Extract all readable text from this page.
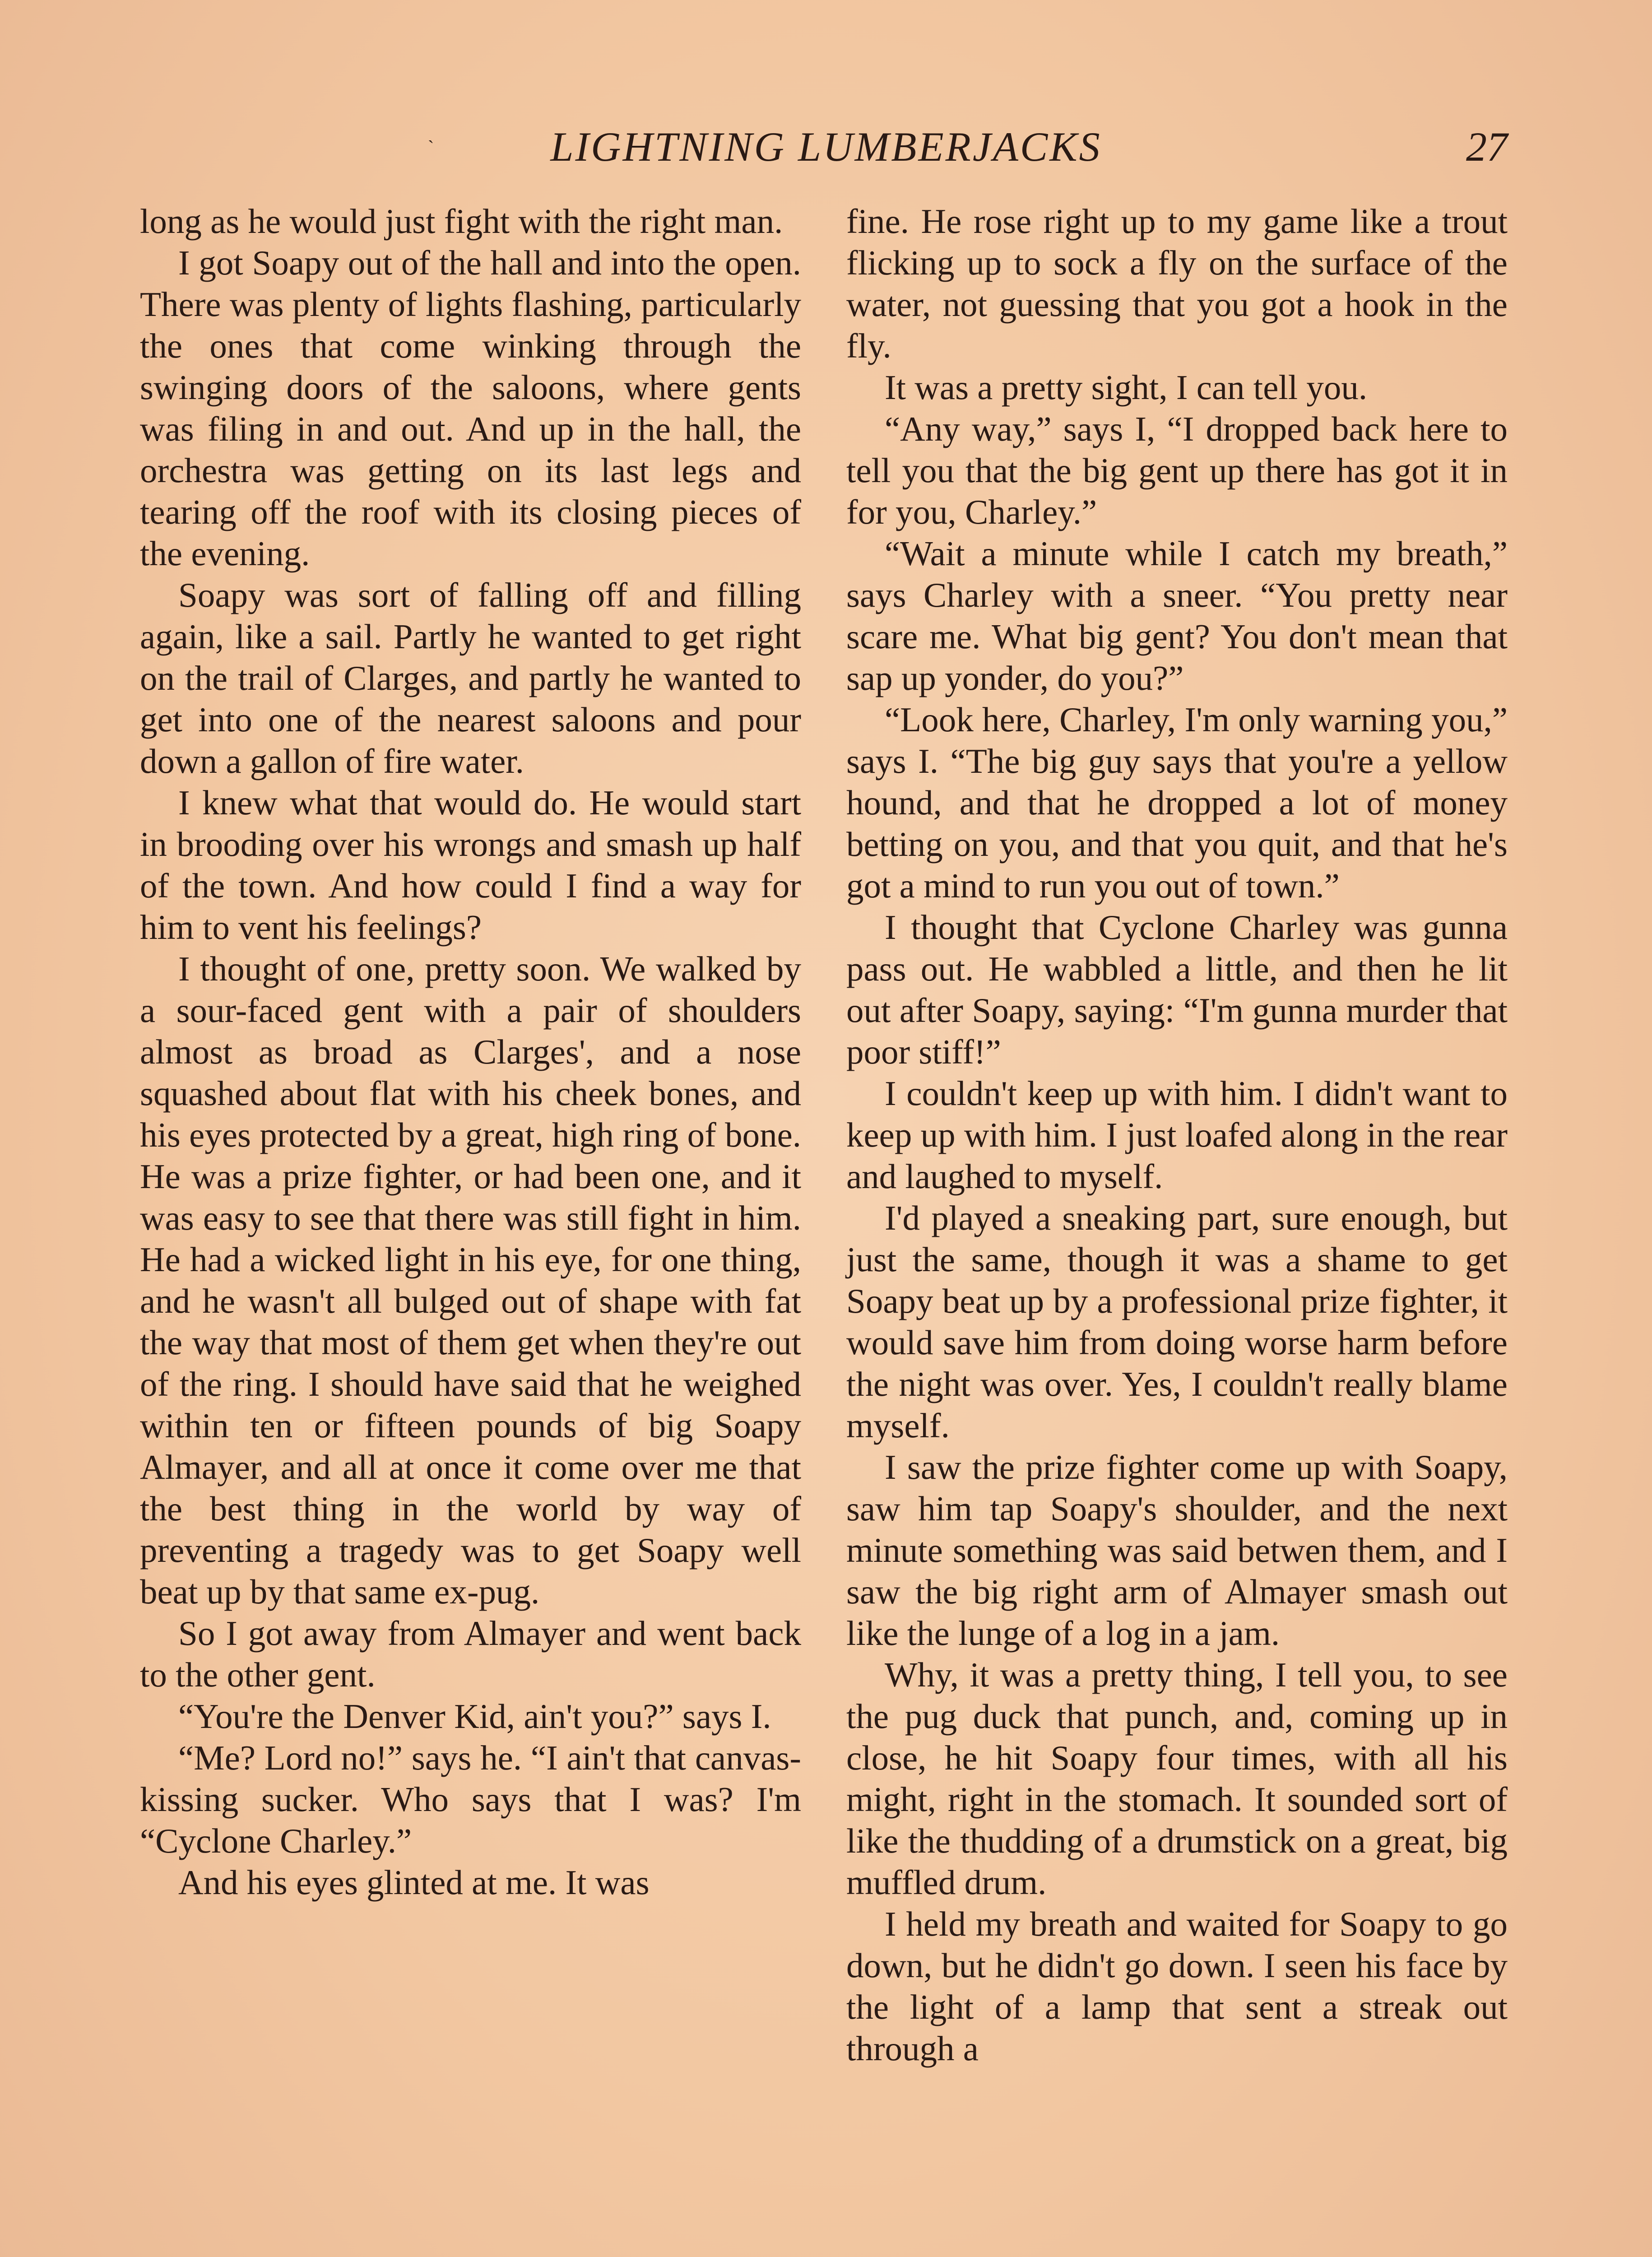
`	LIGHTNING LUMBERJACKS	27

long as he would just fight with the right man.

I got Soapy out of the hall and into the open. There was plenty of lights flashing, particularly the ones that come winking through the swinging doors of the saloons, where gents was filing in and out. And up in the hall, the orchestra was getting on its last legs and tearing off the roof with its closing pieces of the evening.

Soapy was sort of falling off and filling again, like a sail. Partly he wanted to get right on the trail of Clarges, and partly he wanted to get into one of the nearest saloons and pour down a gallon of fire water.

I knew what that would do. He would start in brooding over his wrongs and smash up half of the town. And how could I find a way for him to vent his feelings?

I thought of one, pretty soon. We walked by a sour-faced gent with a pair of shoulders almost as broad as Clarges', and a nose squashed about flat with his cheek bones, and his eyes protected by a great, high ring of bone. He was a prize fighter, or had been one, and it was easy to see that there was still fight in him. He had a wicked light in his eye, for one thing, and he wasn't all bulged out of shape with fat the way that most of them get when they're out of the ring. I should have said that he weighed within ten or fifteen pounds of big Soapy Almayer, and all at once it come over me that the best thing in the world by way of preventing a tragedy was to get Soapy well beat up by that same ex-pug.

So I got away from Almayer and went back to the other gent.

“You're the Denver Kid, ain't you?” says I.

“Me? Lord no!” says he. “I ain't that canvas-kissing sucker. Who says that I was? I'm “Cyclone Charley.”

And his eyes glinted at me. It was

fine. He rose right up to my game like a trout flicking up to sock a fly on the surface of the water, not guessing that you got a hook in the fly.

It was a pretty sight, I can tell you.

“Any way,” says I, “I dropped back here to tell you that the big gent up there has got it in for you, Charley.”

“Wait a minute while I catch my breath,” says Charley with a sneer. “You pretty near scare me. What big gent? You don't mean that sap up yonder, do you?”

“Look here, Charley, I'm only warning you,” says I. “The big guy says that you're a yellow hound, and that he dropped a lot of money betting on you, and that you quit, and that he's got a mind to run you out of town.”

I thought that Cyclone Charley was gunna pass out. He wabbled a little, and then he lit out after Soapy, saying: “I'm gunna murder that poor stiff!”

I couldn't keep up with him. I didn't want to keep up with him. I just loafed along in the rear and laughed to myself.

I'd played a sneaking part, sure enough, but just the same, though it was a shame to get Soapy beat up by a professional prize fighter, it would save him from doing worse harm before the night was over. Yes, I couldn't really blame myself.

I saw the prize fighter come up with Soapy, saw him tap Soapy's shoulder, and the next minute something was said betwen them, and I saw the big right arm of Almayer smash out like the lunge of a log in a jam.

Why, it was a pretty thing, I tell you, to see the pug duck that punch, and, coming up in close, he hit Soapy four times, with all his might, right in the stomach. It sounded sort of like the thudding of a drumstick on a great, big muffled drum.

I held my breath and waited for Soapy to go down, but he didn't go down. I seen his face by the light of a lamp that sent a streak out through a
